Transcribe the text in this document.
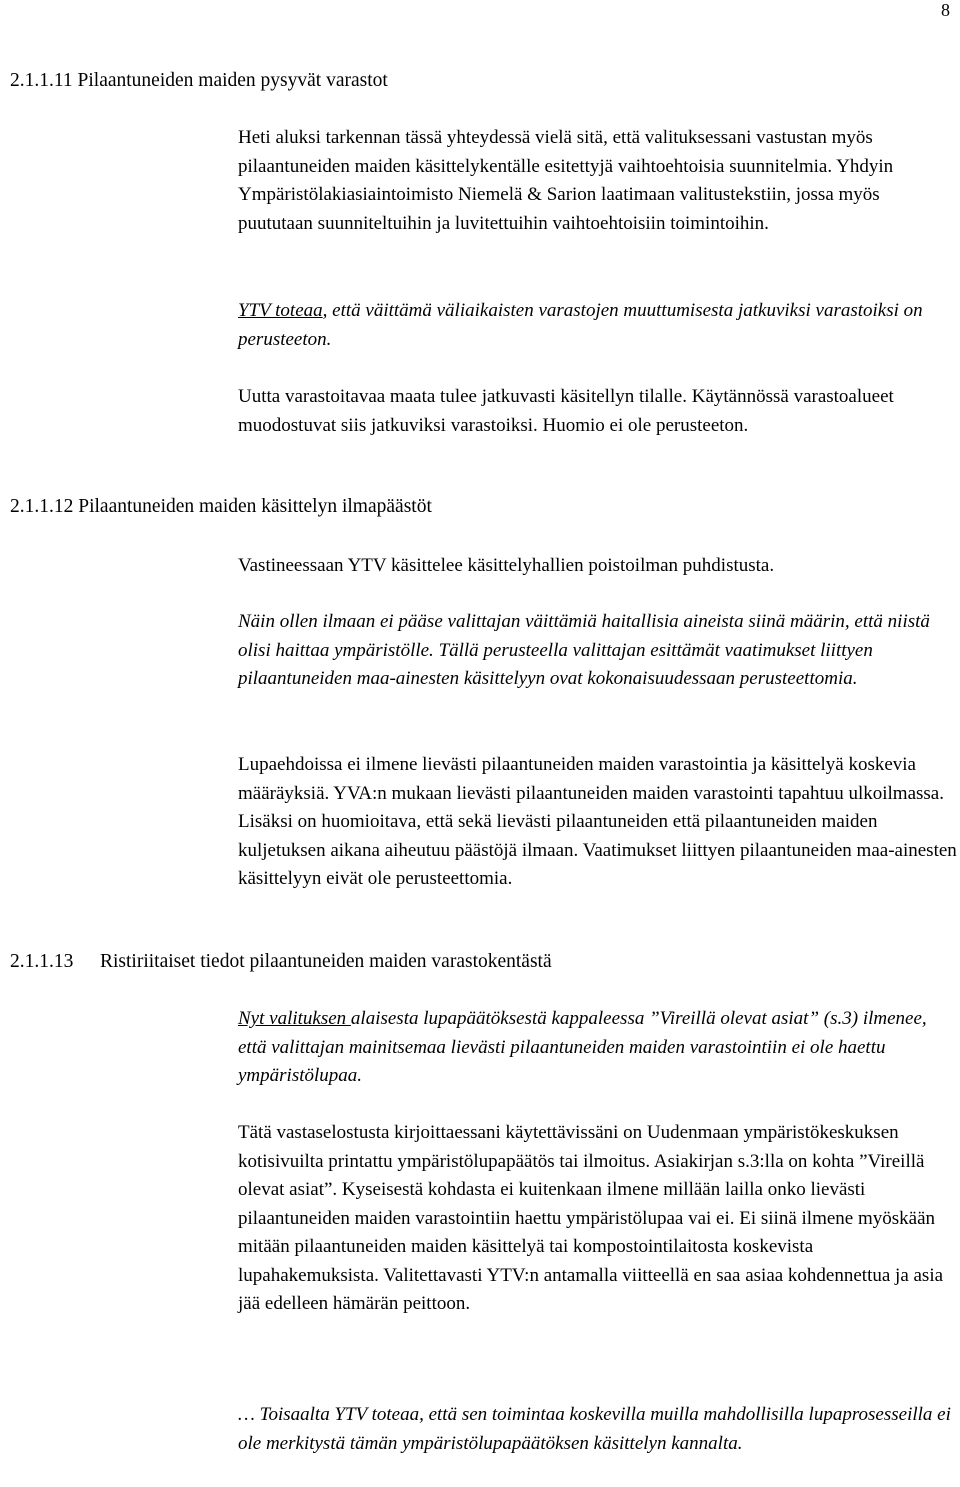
8
2.1.1.11 Pilaantuneiden maiden pysyvät varastot
Heti aluksi tarkennan tässä yhteydessä vielä sitä, että valituksessani vastustan myös pilaantuneiden maiden käsittelykentälle esitettyjä vaihtoehtoisia suunnitelmia. Yhdyin Ympäristölakiasiaintoimisto Niemelä & Sarion laatimaan valitustekstiin, jossa myös puututaan suunniteltuihin ja luvitettuihin vaihtoehtoisiin toimintoihin.
YTV toteaa, että väittämä väliaikaisten varastojen muuttumisesta jatkuviksi varastoiksi on perusteeton.
Uutta varastoitavaa maata tulee jatkuvasti käsitellyn tilalle. Käytännössä varastoalueet muodostuvat siis jatkuviksi varastoiksi. Huomio ei ole perusteeton.
2.1.1.12 Pilaantuneiden maiden käsittelyn ilmapäästöt
Vastineessaan YTV käsittelee käsittelyhallien poistoilman puhdistusta.
Näin ollen ilmaan ei pääse valittajan väittämiä haitallisia aineista siinä määrin, että niistä olisi haittaa ympäristölle. Tällä perusteella valittajan esittämät vaatimukset liittyen pilaantuneiden maa-ainesten käsittelyyn ovat kokonaisuudessaan perusteettomia.
Lupaehdoissa ei ilmene lievästi pilaantuneiden maiden varastointia ja käsittelyä koskevia määräyksiä. YVA:n mukaan lievästi pilaantuneiden maiden varastointi tapahtuu ulkoilmassa. Lisäksi on huomioitava, että sekä lievästi pilaantuneiden että pilaantuneiden maiden kuljetuksen aikana aiheutuu päästöjä ilmaan. Vaatimukset liittyen pilaantuneiden maa-ainesten käsittelyyn eivät ole perusteettomia.
2.1.1.13 Ristiriitaiset tiedot pilaantuneiden maiden varastokentästä
Nyt valituksen alaisesta lupapäätöksestä kappaleessa ”Vireillä olevat asiat” (s.3) ilmenee, että valittajan mainitsemaa lievästi pilaantuneiden maiden varastointiin ei ole haettu ympäristölupaa.
Tätä vastaselostusta kirjoittaessani käytettävissäni on Uudenmaan ympäristökeskuksen kotisivuilta printattu ympäristölupapäätös tai ilmoitus. Asiakirjan s.3:lla on kohta ”Vireillä olevat asiat”. Kyseisestä kohdasta ei kuitenkaan ilmene millään lailla onko lievästi pilaantuneiden maiden varastointiin haettu ympäristölupaa vai ei. Ei siinä ilmene myöskään mitään pilaantuneiden maiden käsittelyä tai kompostointilaitosta koskevista lupahakemuksista. Valitettavasti YTV:n antamalla viitteellä en saa asiaa kohdennettua ja asia jää edelleen hämärän peittoon.
… Toisaalta YTV toteaa, että sen toimintaa koskevilla muilla mahdollisilla lupaprosesseilla ei ole merkitystä tämän ympäristölupapäätöksen käsittelyn kannalta.
